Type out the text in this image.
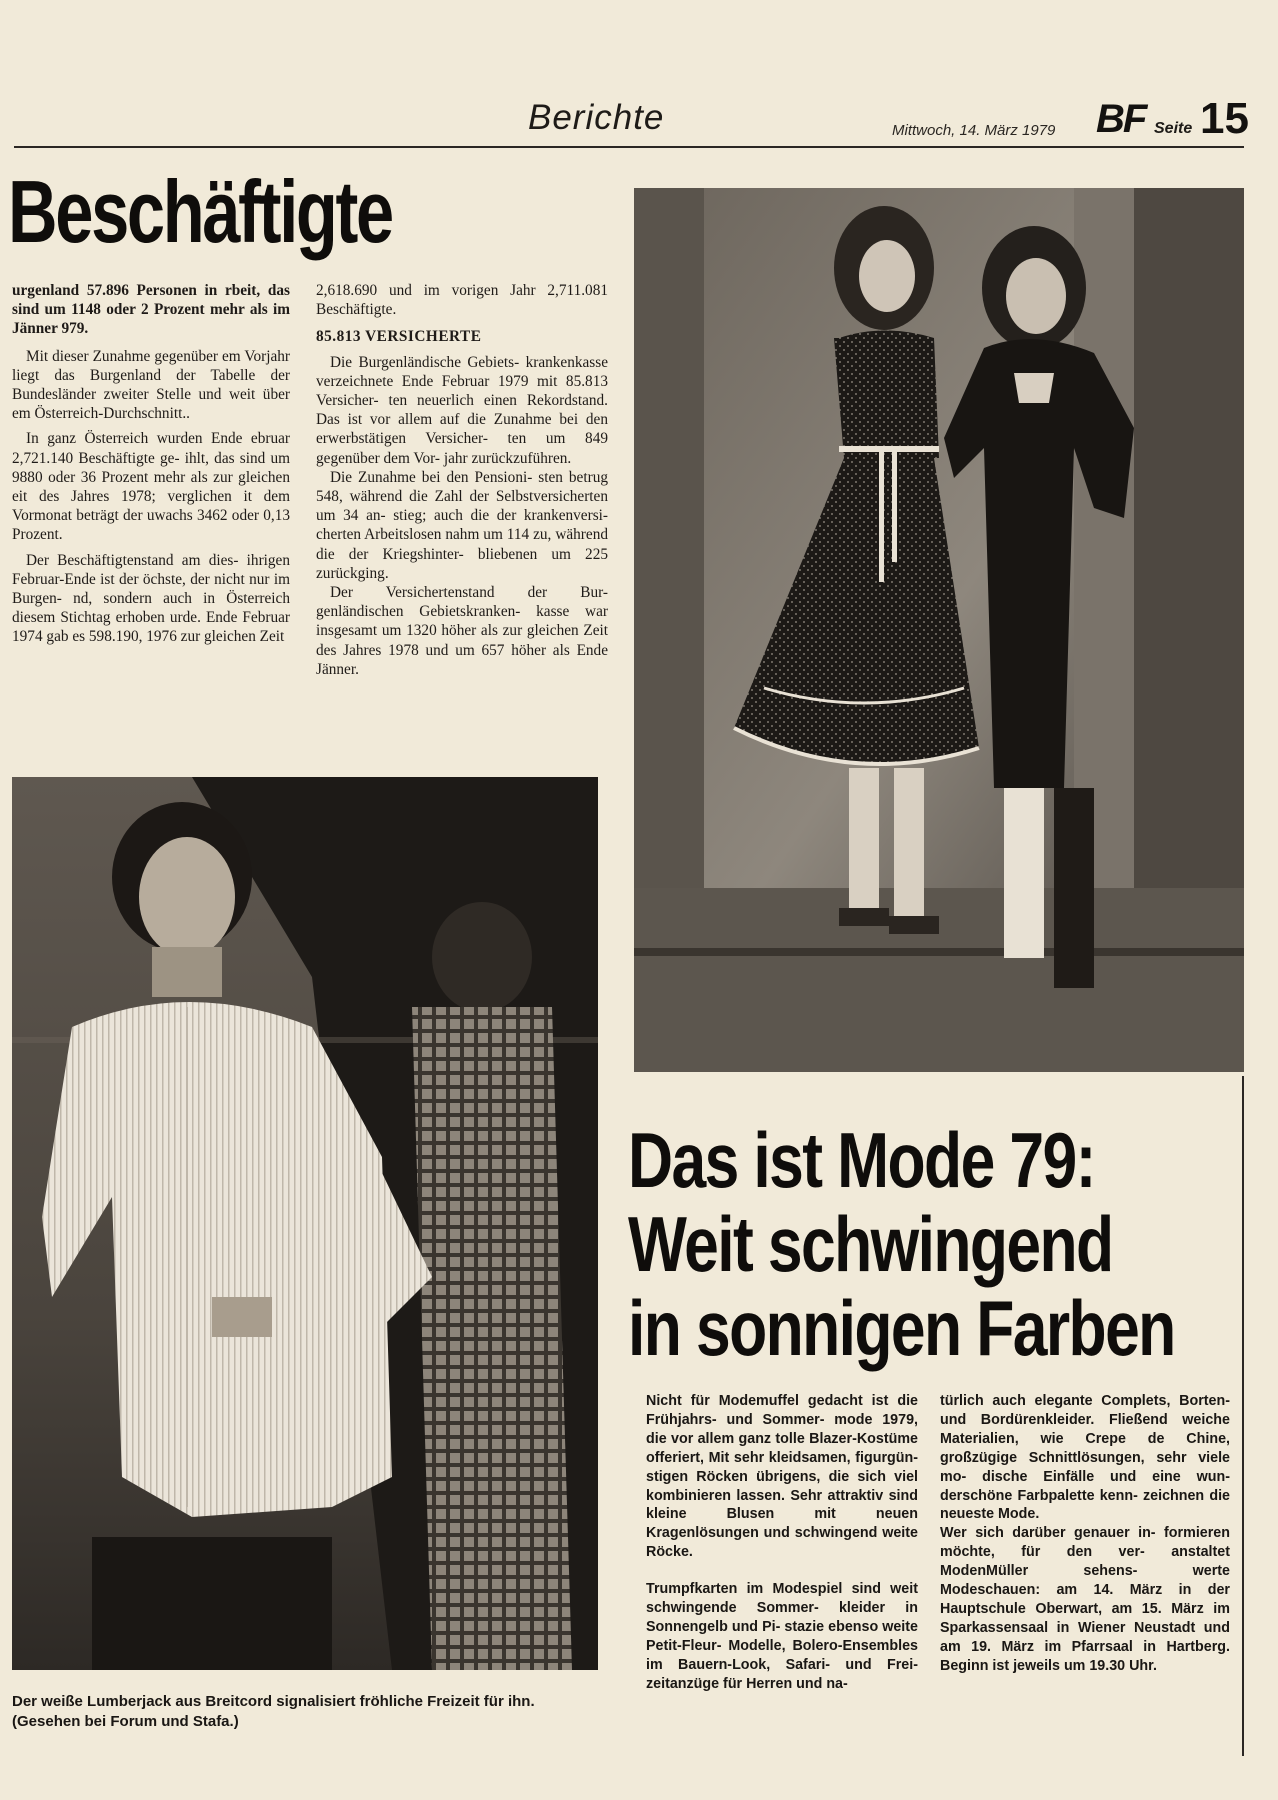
Berichte	Mittwoch, 14. März 1979 BF Seite 15
Beschäftigte

urgenland 57.896 Personen in rbeit, das sind um 1148 oder 2 Prozent mehr als im Jänner 979.

Mit dieser Zunahme gegenüber em Vorjahr liegt das Burgenland der Tabelle der Bundesländer zweiter Stelle und weit über em Österreich-Durchschnitt..

In ganz Österreich wurden Ende ebruar 2,721.140 Beschäftigte ge- ihlt, das sind um 9880 oder 36 Prozent mehr als zur gleichen eit des Jahres 1978; verglichen it dem Vormonat beträgt der uwachs 3462 oder 0,13 Prozent.

Der Beschäftigtenstand am dies- ihrigen Februar-Ende ist der öchste, der nicht nur im Burgen- nd, sondern auch in Österreich diesem Stichtag erhoben urde. Ende Februar 1974 gab es 598.190, 1976 zur gleichen Zeit

2,618.690 und im vorigen Jahr 2,711.081 Beschäftigte.

85.813 VERSICHERTE

Die Burgenländische Gebiets- krankenkasse verzeichnete Ende Februar 1979 mit 85.813 Versicher- ten neuerlich einen Rekordstand. Das ist vor allem auf die Zunahme bei den erwerbstätigen Versicher- ten um 849 gegenüber dem Vor- jahr zurückzuführen.

Die Zunahme bei den Pensioni- sten betrug 548, während die Zahl der Selbstversicherten um 34 an- stieg; auch die der krankenversi- cherten Arbeitslosen nahm um 114 zu, während die der Kriegshinter- bliebenen um 225 zurückging.

Der Versichertenstand der Bur- genländischen Gebietskranken- kasse war insgesamt um 1320 höher als zur gleichen Zeit des Jahres 1978 und um 657 höher als Ende Jänner.

Der weiße Lumberjack aus Breitcord signalisiert fröhliche Freizeit für ihn. (Gesehen bei Forum und Stafa.)
Das ist Mode 79:
Weit schwingend
in sonnigen Farben

Nicht für Modemuffel gedacht ist die Frühjahrs- und Sommer- mode 1979, die vor allem ganz tolle Blazer-Kostüme offeriert, Mit sehr kleidsamen, figurgün- stigen Röcken übrigens, die sich viel kombinieren lassen. Sehr attraktiv sind kleine Blusen mit neuen Kragenlösungen und schwingend weite Röcke.

Trumpfkarten im Modespiel sind weit schwingende Sommer- kleider in Sonnengelb und Pi- stazie ebenso weite Petit-Fleur- Modelle, Bolero-Ensembles im Bauern-Look, Safari- und Frei- zeitanzüge für Herren und na-

türlich auch elegante Complets, Borten- und Bordürenkleider. Fließend weiche Materialien, wie Crepe de Chine, großzügige Schnittlösungen, sehr viele mo- dische Einfälle und eine wun- derschöne Farbpalette kenn- zeichnen die neueste Mode.

Wer sich darüber genauer in- formieren möchte, für den ver- anstaltet ModenMüller sehens- werte Modeschauen: am 14. März in der Hauptschule Oberwart, am 15. März im Sparkassensaal in Wiener Neustadt und am 19. März im Pfarrsaal in Hartberg. Beginn ist jeweils um 19.30 Uhr.
